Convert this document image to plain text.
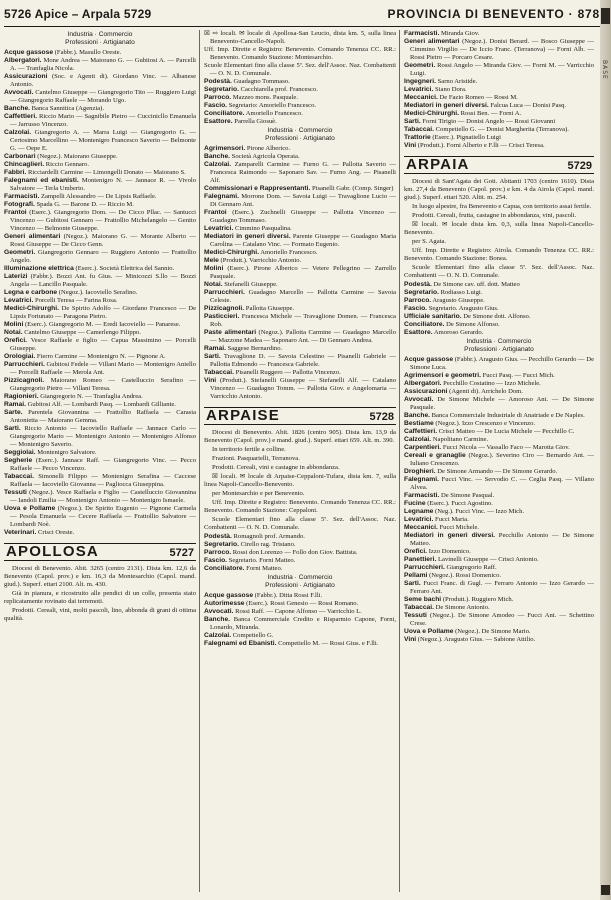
5726 Apice – Arpala 5729	PROVINCIA DI BENEVENTO · 878
BASE
Industria · Commercio
Professioni · Artigianato

Acque gassose (Fabbr.). Masullo Oreste.

Albergatori. Mone Andrea — Maiorano G. — Gubitosi A. — Parcelli A. — Tranfaglia Nicola.

Assicurazioni (Soc. e Agenti di). Giordano Vinc. — Albanese Antonio.

Avvocati. Cantelmo Giuseppe — Giangregorio Tito — Ruggiero Luigi — Giangregorio Raffaele — Morando Ugo.

Banche. Banca Sannitica (Agenzia).

Caffettieri. Riccio Mario — Sagnibile Pietro — Cuccinicllo Emanuela — Jarrusso Vincenzo.

Calzolai. Giangregorio A. — Marra Luigi — Giangregorio G. — Certosimo Marcellino — Montenigro Francesco Saverio — Belmonte G. — Oepe E.

Carbonari (Negoz.). Maiorano Giuseppe.

Chincaglieri. Riccio Gennaro.

Fabbri. Ricciardelli Carmine — Limongelli Donato — Maiorano S.

Falegnami ed ebanisti. Montenigro N. — Jannace R. — Vivolo Salvatore — Terla Umberto.

Farmacisti. Zampelli Alessandro — De Lipsis Raffaele.

Fotografi. Spada G. — Barone D. — Riccio M.

Frantoi (Eserc.). Giangregorio Dom. — De Cicco Pllac. — Santucci Vincenzo — Gubitosi Gennaro — Frattollio Michelangelo — Genito Vincenzo — Belmonte Giuseppe.

Generi alimentari (Negoz.). Maiorano G. — Morante Alberto — Rossi Giuseppe — De Cicco Genn.

Geometri. Giangregorio Gennaro — Ruggiero Antonio — Frattollio Angelo.

Illuminazione elettrica (Eserc.). Società Elettrica del Sannio.

Laterizi (Fabbr.). Bozzi Ant. fu Gius. — Minicozzi S.llo — Bozzi Angela — Lancillo Pasquale.

Legna e carbone (Negoz.). Iacoviello Serafino.

Levatrici. Porcelli Teresa — Farina Rosa.

Medici-Chirurghi. De Spirito Adolfo — Giordano Francesco — De Lipsis Fortunato — Paragona Pietro.

Molini (Eserc.). Giangregorio M. — Eredi Iacoviello — Panarese.

Notai. Cantelmo Giuseppe — Camerlengo Filippo.

Orefici. Vesce Raffaele e figlio — Capua Massimino — Porcelli Giuseppe.

Orologiai. Fierro Carmine — Montenigro N. — Pignone A.

Parrucchieri. Gubitosi Fedele — Villani Mario — Montenigro Aniello — Porcelli Raffaele — Merola Ant.

Pizzicagnoli. Maiorano Romeo — Castelluccio Serafino — Giangregorio Pietro — Villani Teresa.

Ragionieri. Giangregorio N. — Tranfaglia Andrea.

Ramai. Gubitosi Alf. — Lombardi Pasq. — Lombardi Gilliante.

Sarte. Parentela Giovannina — Frattollio Raffaela — Carasia Antonietta — Maiorano Gemma.

Sarti. Riccio Antonio — Iacoviello Raffaele — Jannace Carlo — Giangregorio Mario — Montenigro Antonio — Montenigro Alfonso — Montenigro Saverio.

Seggiolai. Montenigro Salvatore.

Segherie (Eserc.). Jannace Raff. — Giangregorio Vinc. — Pecco Raffaele — Pecco Vincenzo.

Tabaccai. Simonelli Filippo — Montenigro Serafina — Caccese Raffaela — Iacoviello Giovanna — Pagliocca Giuseppina.

Tessuti (Negoz.). Vesce Raffaela e Figlio — Castelluccio Giovannina — Iandoli Emilia — Montenigro Antonio — Montenigro Ismaele.

Uova e Pollame (Negoz.). De Spirito Eugenio — Pignone Carmela — Pesola Emanuela — Cecere Raffaela — Frattollio Salvatore — Lombardi Noè.

Veterinari. Crisci Oreste.

APOLLOSA	5727

Diocesi di Benevento. Abit. 3265 (centro 2131). Dista km. 12,6 da Benevento (Capol. prov.) e km. 16,3 da Montesarchio (Capol. mand. giud.). Superf. ettari 2100. Alt. m. 430.

Già in pianura, e ricostruito alle pendici di un colle, presenta stato replicatamente rovinato dai terremoti.

Prodotti. Cereali, vini, molti pascoli, lino, abbonda di grani di ottima qualità.

☒ ⇨ locali. ✉ locale di Apollosa-San Leucio, dista km. 5, sulla linea Benevento-Cancello-Napoli.

Uff. Imp. Dirette e Registro: Benevento. Comando Tenenza CC. RR.: Benevento. Comando Stazione: Montesarchio.

Scuole Elementari fino alla classe 5ª. Sez. dell'Assoc. Naz. Combattenti — O. N. D. Comunale.

Podestà. Guadagno Tommaso.

Segretario. Cacchiarella prof. Francesco.

Parroco. Mazzeo mons. Pasquale.

Fascio. Segretario: Amoriello Francesco.

Conciliatore. Amoriello Francesco.

Esattore. Parrella Giosuè.

Industria · Commercio
Professioni · Artigianato

Agrimensori. Pirone Alberico.

Banche. Società Agricola Operaia.

Calzolai. Zamparelli Carmine — Furno G. — Pallotta Saverio — Francesca Raimondo — Saponaro Sav. — Furno Ang. — Pisanelli Alf.

Commissionari e Rappresentanti. Pisanelli Gabr. (Comp. Singer)

Falegnami. Morrone Dom. — Savoia Luigi — Travaglione Lucio — Di Gennaro Ant.

Frantoi (Eserc.). Zuchnelli Giuseppe — Pallotta Vincenzo — Guadagno Tommaso.

Levatrici. Cimmino Pasqualina.

Mediatori in generi diversi. Parente Giuseppe — Guadagno Maria Carolina — Catalano Vinc. — Formato Eugenio.

Medici-Chirurghi. Amoriello Francesco.

Mele (Produtt.). Varricchio Antonio.

Molini (Eserc.). Pirone Alberico — Vetere Pellegrino — Zarrello Pasquale.

Notai. Stefanelli Giuseppe.

Parrucchieri. Guadagno Marcello — Pallotta Carmine — Savoia Celeste.

Pizzicagnoli. Pallotta Giuseppe.

Pasticcieri. Francesca Michele — Travaglione Domen. — Francesca Rob.

Paste alimentari (Negoz.). Pallotta Carmine — Guadagno Marcello — Mazzone Madea — Saponaro Ant. — Di Gennaro Andrea.

Ramai. Saggese Bernardino.

Sarti. Travaglione D. — Savoia Celestino — Pisanelli Gabriele — Pallotta Edmondo — Francesca Gabriele.

Tabaccai. Pisanelli Ruggero — Pallotta Vincenzo.

Vini (Produtt.). Stefanelli Giuseppe — Stefanelli Alf. — Catalano Vincenzo — Guadagno Tomm. — Pallotta Giov. e Angelomaria — Varricchio Antonio.

ARPAISE	5728

Diocesi di Benevento. Abit. 1826 (centro 905). Dista km. 13,9 da Benevento (Capol. prov.) e mand. giud.). Superf. ettari 659. Alt. m. 390.

In territorio fertile a colline.

Frazioni. Pasquarielli, Terranova.

Prodotti. Cereali, vini e castagne in abbondanza.

☒ locali. ✉ locale di Arpaise-Ceppaloni-Tufara, dista km. 7, sulla linea Napoli-Cancello-Benevento.

per Montesarchio e per Benevento.

Uff. Imp. Dirette e Registro: Benevento. Comando Tenenza CC. RR.: Benevento. Comando Stazione: Ceppaloni.

Scuole Elementari fino alla classe 5ª. Sez. dell'Assoc. Naz. Combattenti — O. N. D. Comunale.

Podestà. Romagnoli prof. Armando.

Segretario. Cirello rag. Tristano.

Parroco. Rossi don Lorenzo — Follo don Giov. Battista.

Fascio. Segretario. Forni Matteo.

Conciliatore. Forni Matteo.

Industria · Commercio
Professioni · Artigianato

Acque gassose (Fabbr.). Ditta Rossi F.lli.

Autorimesse (Eserc.). Rossi Genesio — Rossi Romano.

Avvocati. Rossi Raff. — Capone Alfonso — Varricchio L.

Banche. Banca Commerciale Credito e Risparmio Capone, Forni, Lonardo, Miranda.

Calzolai. Competiello G.

Falegnami ed Ebanisti. Competiello M. — Rossi Gius. e F.lli.

Farmacisti. Miranda Giov.

Generi alimentari (Negoz.). Donisi Berard. — Bosco Giuseppe — Cimmino Virgilio — De Iccio Franc. (Terranova) — Forni Alb. — Rossi Pietro — Porcaro Cesare.

Geometri. Rossi Angelo — Miranda Giov. — Forni M. — Varricchio Luigi.

Ingegneri. Sarno Aristide.

Levatrici. Siano Dora.

Meccanici. De Fazio Romeo — Rossi M.

Mediatori in generi diversi. Falcua Luca — Donisi Pasq.

Medici-Chirurghi. Rossi Ben. — Forni A.

Sarti. Forni Tirigio — Donisi Angelo — Rossi Giovanni

Tabaccai. Competiello G. — Donisi Margherita (Terranova).

Trattorie (Eserc.). Pignatiello Luigi

Vini (Produtt.). Forni Alberto e F.lli — Crisci Teresa.

ARPAIA	5729

Diocesi di Sant'Agata dei Goti. Abitanti 1703 (centro 1610). Dista km. 27,4 da Benevento (Capol. prov.) e km. 4 da Airola (Capol. mand. giud.). Superf. ettari 520. Altit. m. 254.

In luogo alpestre, fra Benevento e Capua, con territorio assai fertile.

Prodotti. Cereali, frutta, castagne in abbondanza, vini, pascoli.

☒ locali. ✉ locale dista km. 0,3, sulla linea Napoli-Cancello-Benevento.

per S. Agata.

Uff. Imp. Dirette e Registro: Airola. Comando Tenenza CC. RR.: Benevento. Comando Stazione: Bonea.

Scuole Elementari fino alla classe 5ª. Sez. dell'Assoc. Naz. Combattenti — O. N. D. Comunale.

Podestà. De Simone cav. uff. dott. Matteo

Segretario. Rodiasso Luigi.

Parroco. Aragusto Giuseppe.

Fascio. Segretario. Aragusto Gius.

Ufficiale sanitario. De Simone dott. Alfonso.

Conciliatore. De Simone Alfonso.

Esattore. Amoroso Gerardo.

Industria · Commercio
Professioni · Artigianato

Acque gassose (Fabbr.). Aragusto Gius. — Pecchillo Gerardo — De Simone Luca.

Agrimensori e geometri. Fucci Pasq. — Fucci Mich.

Albergatori. Pecchillo Costatino — Izzo Michele.

Assicurazioni (Agenti di). Arrichelo Dom.

Avvocati. De Simone Michele — Amoroso Ant. — De Simone Pasquale.

Banche. Banca Commerciale Industriale di Anatriade e De Naples.

Bestiame (Negoz.). Izzo Crescenzo e Vincenzo.

Caffettieri. Crisci Matteo — De Lucia Michele — Pecchillo C.

Calzolai. Napolitano Carmine.

Carpentieri. Fucci Nicola — Vassallo Faco — Marotta Giov.

Cereali e granaglie (Negoz.). Severino Ciro — Bernardo Ant. — Iuliano Crescenzo.

Droghieri. De Simone Armando — De Simone Gerardo.

Falegnami. Fucci Vinc. — Servodio C. — Ceglia Pasq. — Villano Alvea.

Farmacisti. De Simone Pasqual.

Fucine (Eserc.). Fucci Agostino.

Legname (Neg.). Fucci Vinc. — Izzo Mich.

Levatrici. Fucci Maria.

Meccanici. Fucci Michele.

Mediatori in generi diversi. Pecchillo Antonio — De Simone Matteo.

Orefici. Izzo Domenico.

Panettieri. Lavinelli Giuseppe — Crisci Antonio.

Parrucchieri. Giangregorio Raff.

Pellami (Negoz.). Rossi Domenico.

Sarti. Fucci Franc. di Gugl. — Ferraro Antonio — Izzo Gerardo — Ferraro Ant.

Seme bachi (Produtt.). Ruggiero Mich.

Tabaccai. De Simone Antonio.

Tessuti (Negoz.). De Simone Amodeo — Fucci Ant. — Schettino Crese.

Uova e Pollame (Negoz.). De Simone Mario.

Vini (Negoz.). Aragusto Gius. — Sabione Attilio.
